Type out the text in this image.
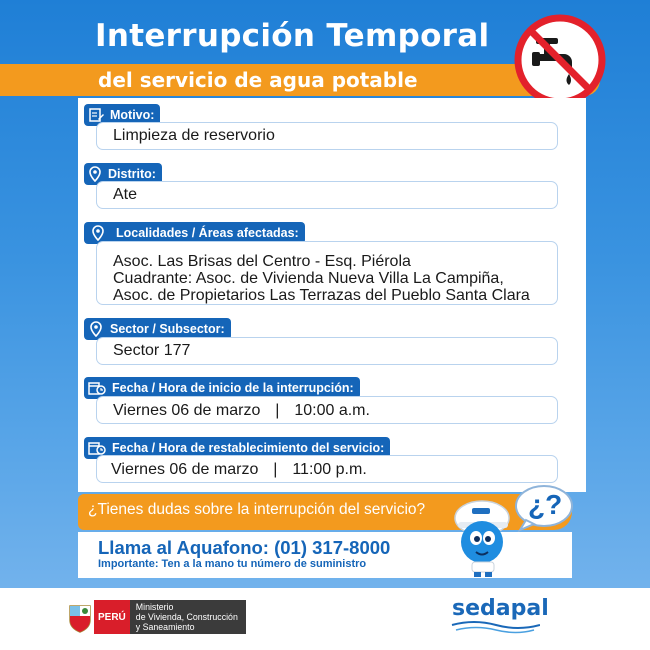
Interrupción Temporal
del servicio de agua potable
Motivo:
Limpieza de reservorio
Distrito:
Ate
Localidades / Áreas afectadas:
Asoc. Las Brisas del Centro - Esq. Piérola
Cuadrante: Asoc. de Vivienda Nueva Villa La Campiña,
Asoc. de Propietarios Las Terrazas del Pueblo Santa Clara
Sector / Subsector:
Sector 177
Fecha / Hora de inicio de la interrupción:
Viernes 06 de marzo | 10:00 a.m.
Fecha / Hora de restablecimiento del servicio:
Viernes 06 de marzo | 11:00 p.m.
¿Tienes dudas sobre la interrupción del servicio?
Llama al Aquafono: (01) 317-8000
Importante: Ten a la mano tu número de suministro
¿?
PERÚ
Ministerio
de Vivienda, Construcción
y Saneamiento
sedapal
